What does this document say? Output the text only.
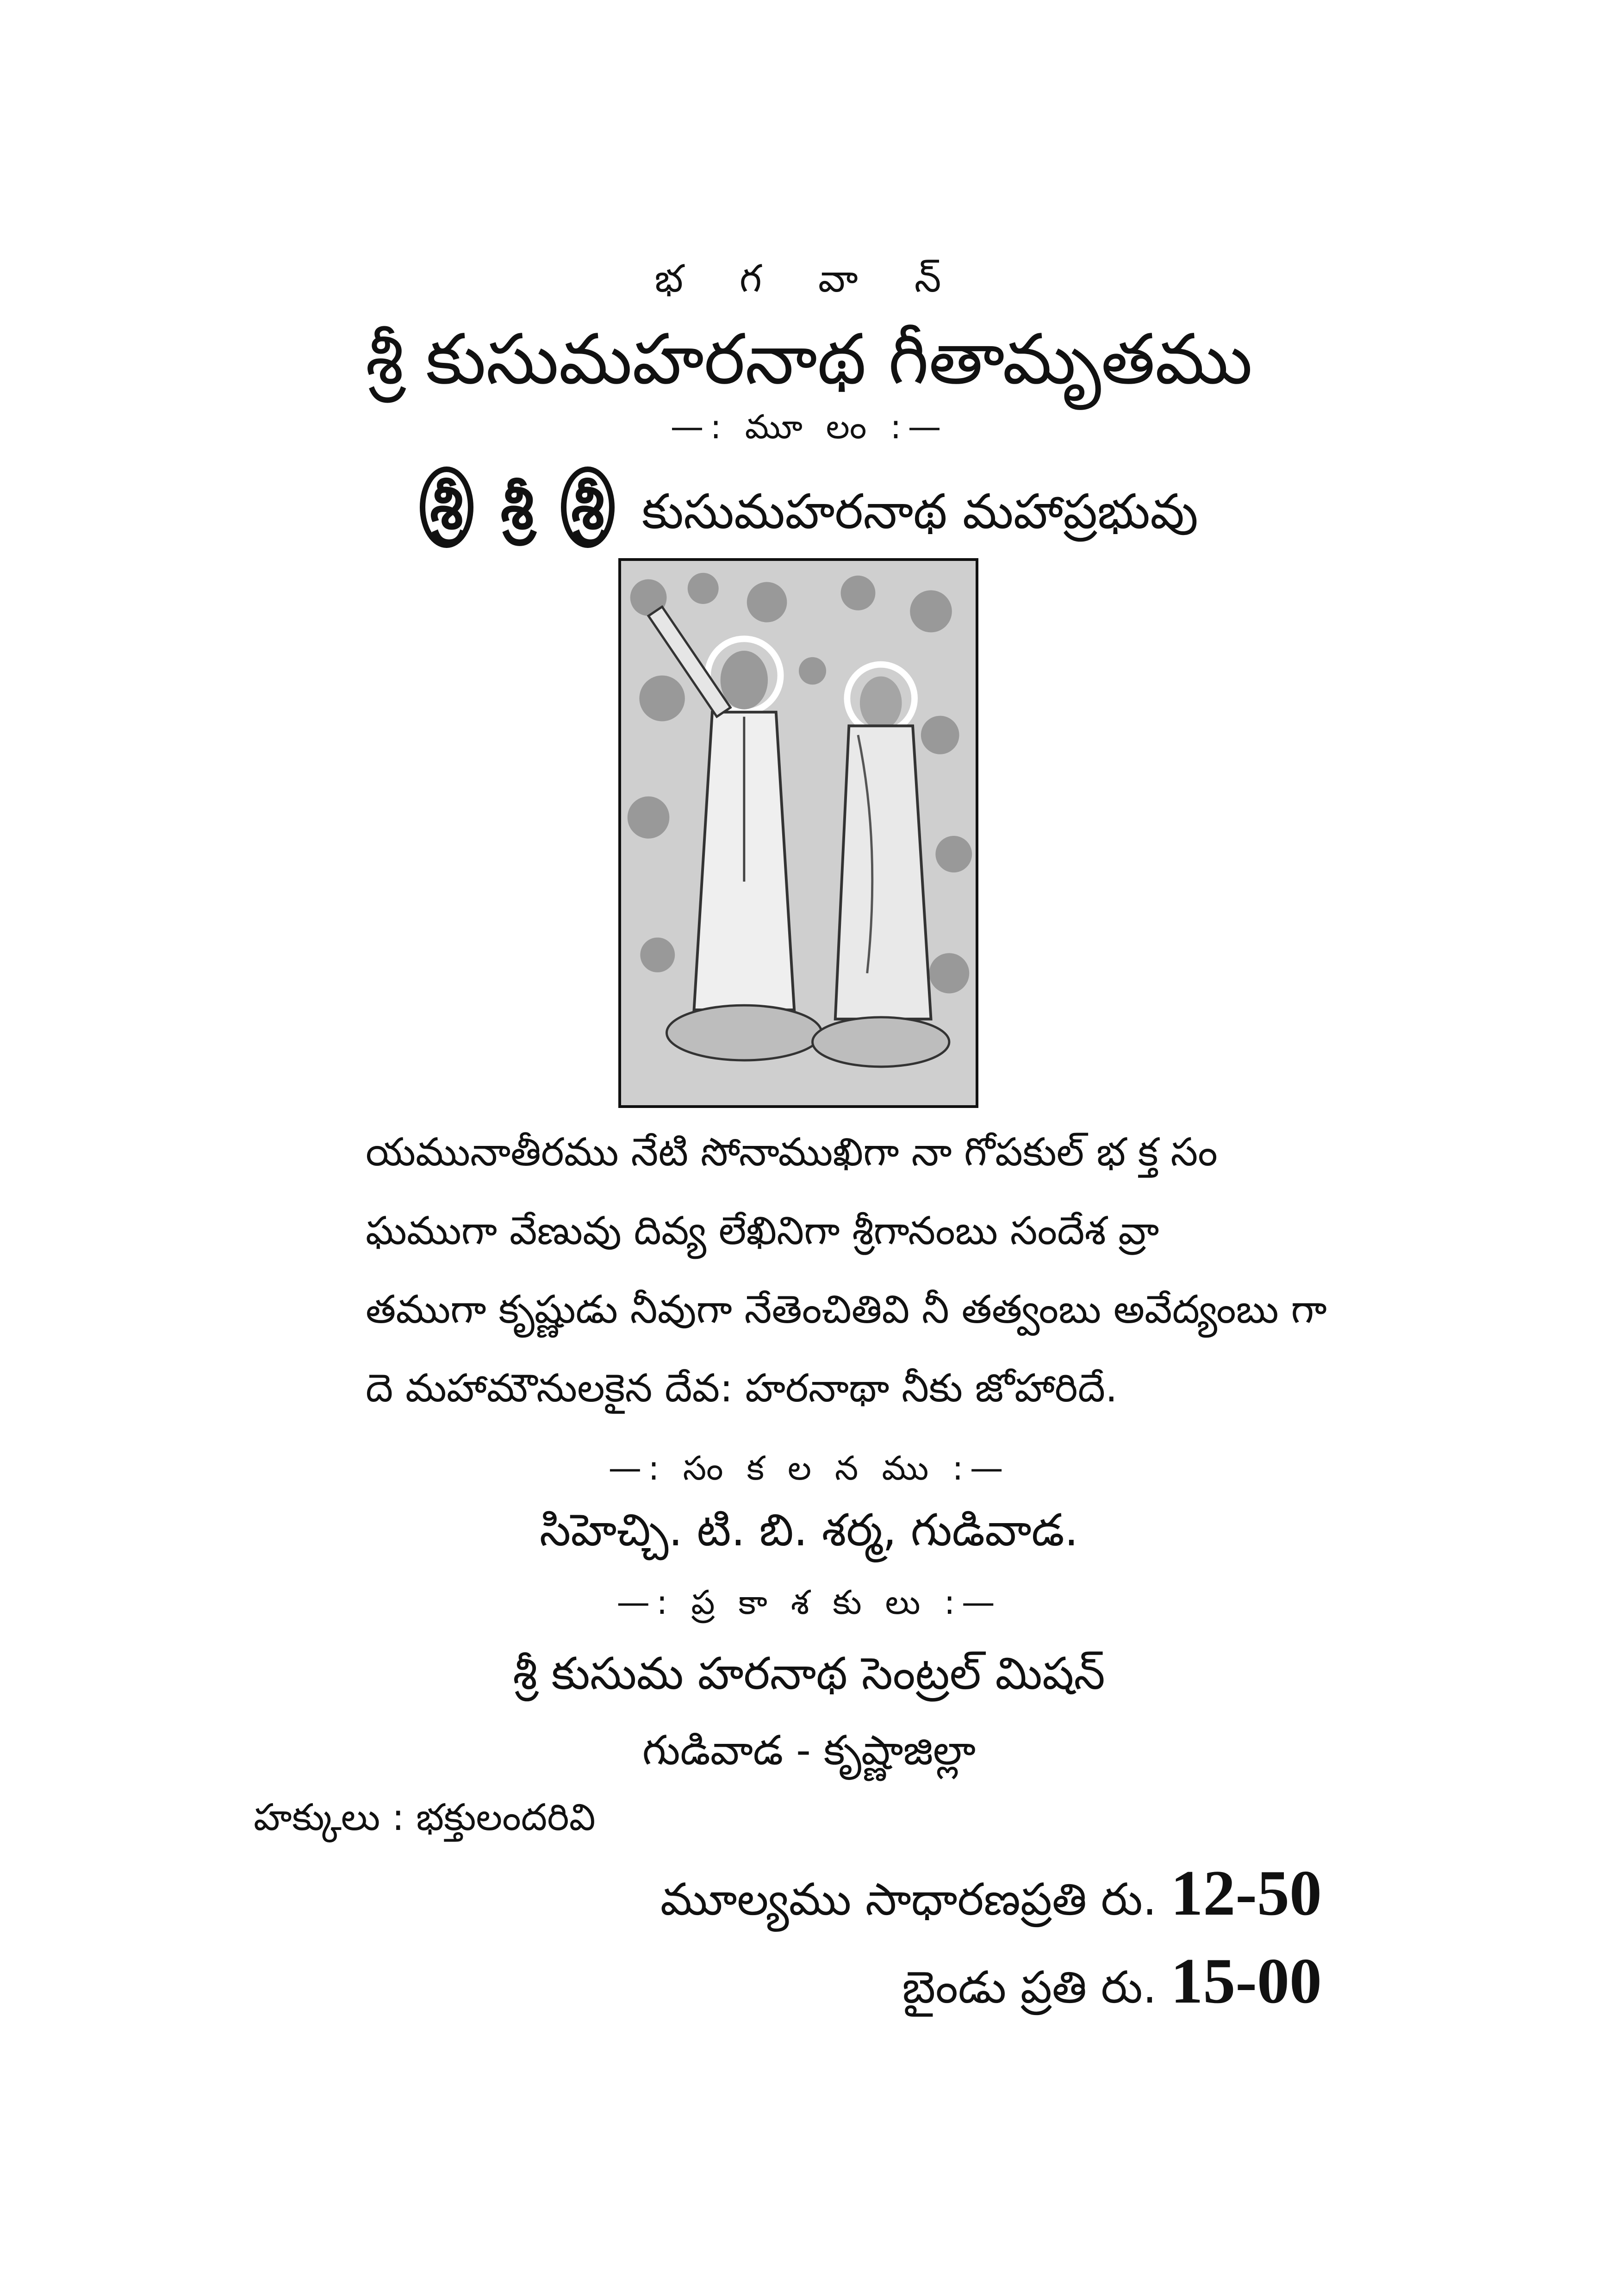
భ గ వా న్
శ్రీ కుసుమహరనాథ గీతామృతము
—: మూ లం :—
శ్రీ శ్రీ శ్రీ కుసుమహరనాథ మహాప్రభువు
యమునాతీరము నేటి సోనాముఖిగా నా గోపకుల్ భ క్త సం
ఘముగా వేణువు దివ్య లేఖినిగా శ్రీగానంబు సందేశ వ్రా
తముగా కృష్ణుడు నీవుగా నేతెంచితివి నీ తత్వంబు అవేద్యంబు గా
దె మహామౌనులకైన దేవ: హరనాథా నీకు జోహారిదే.
—: సం క ల న ము :—
సిహెచ్చి. టి. బి. శర్మ, గుడివాడ.
—: ప్ర కా శ కు లు :—
శ్రీ కుసుమ హరనాథ సెంట్రల్ మిషన్
గుడివాడ - కృష్ణాజిల్లా
హక్కులు : భక్తులందరివి
మూల్యము సాధారణప్రతి రు. 12-50
బైండు ప్రతి రు. 15-00
